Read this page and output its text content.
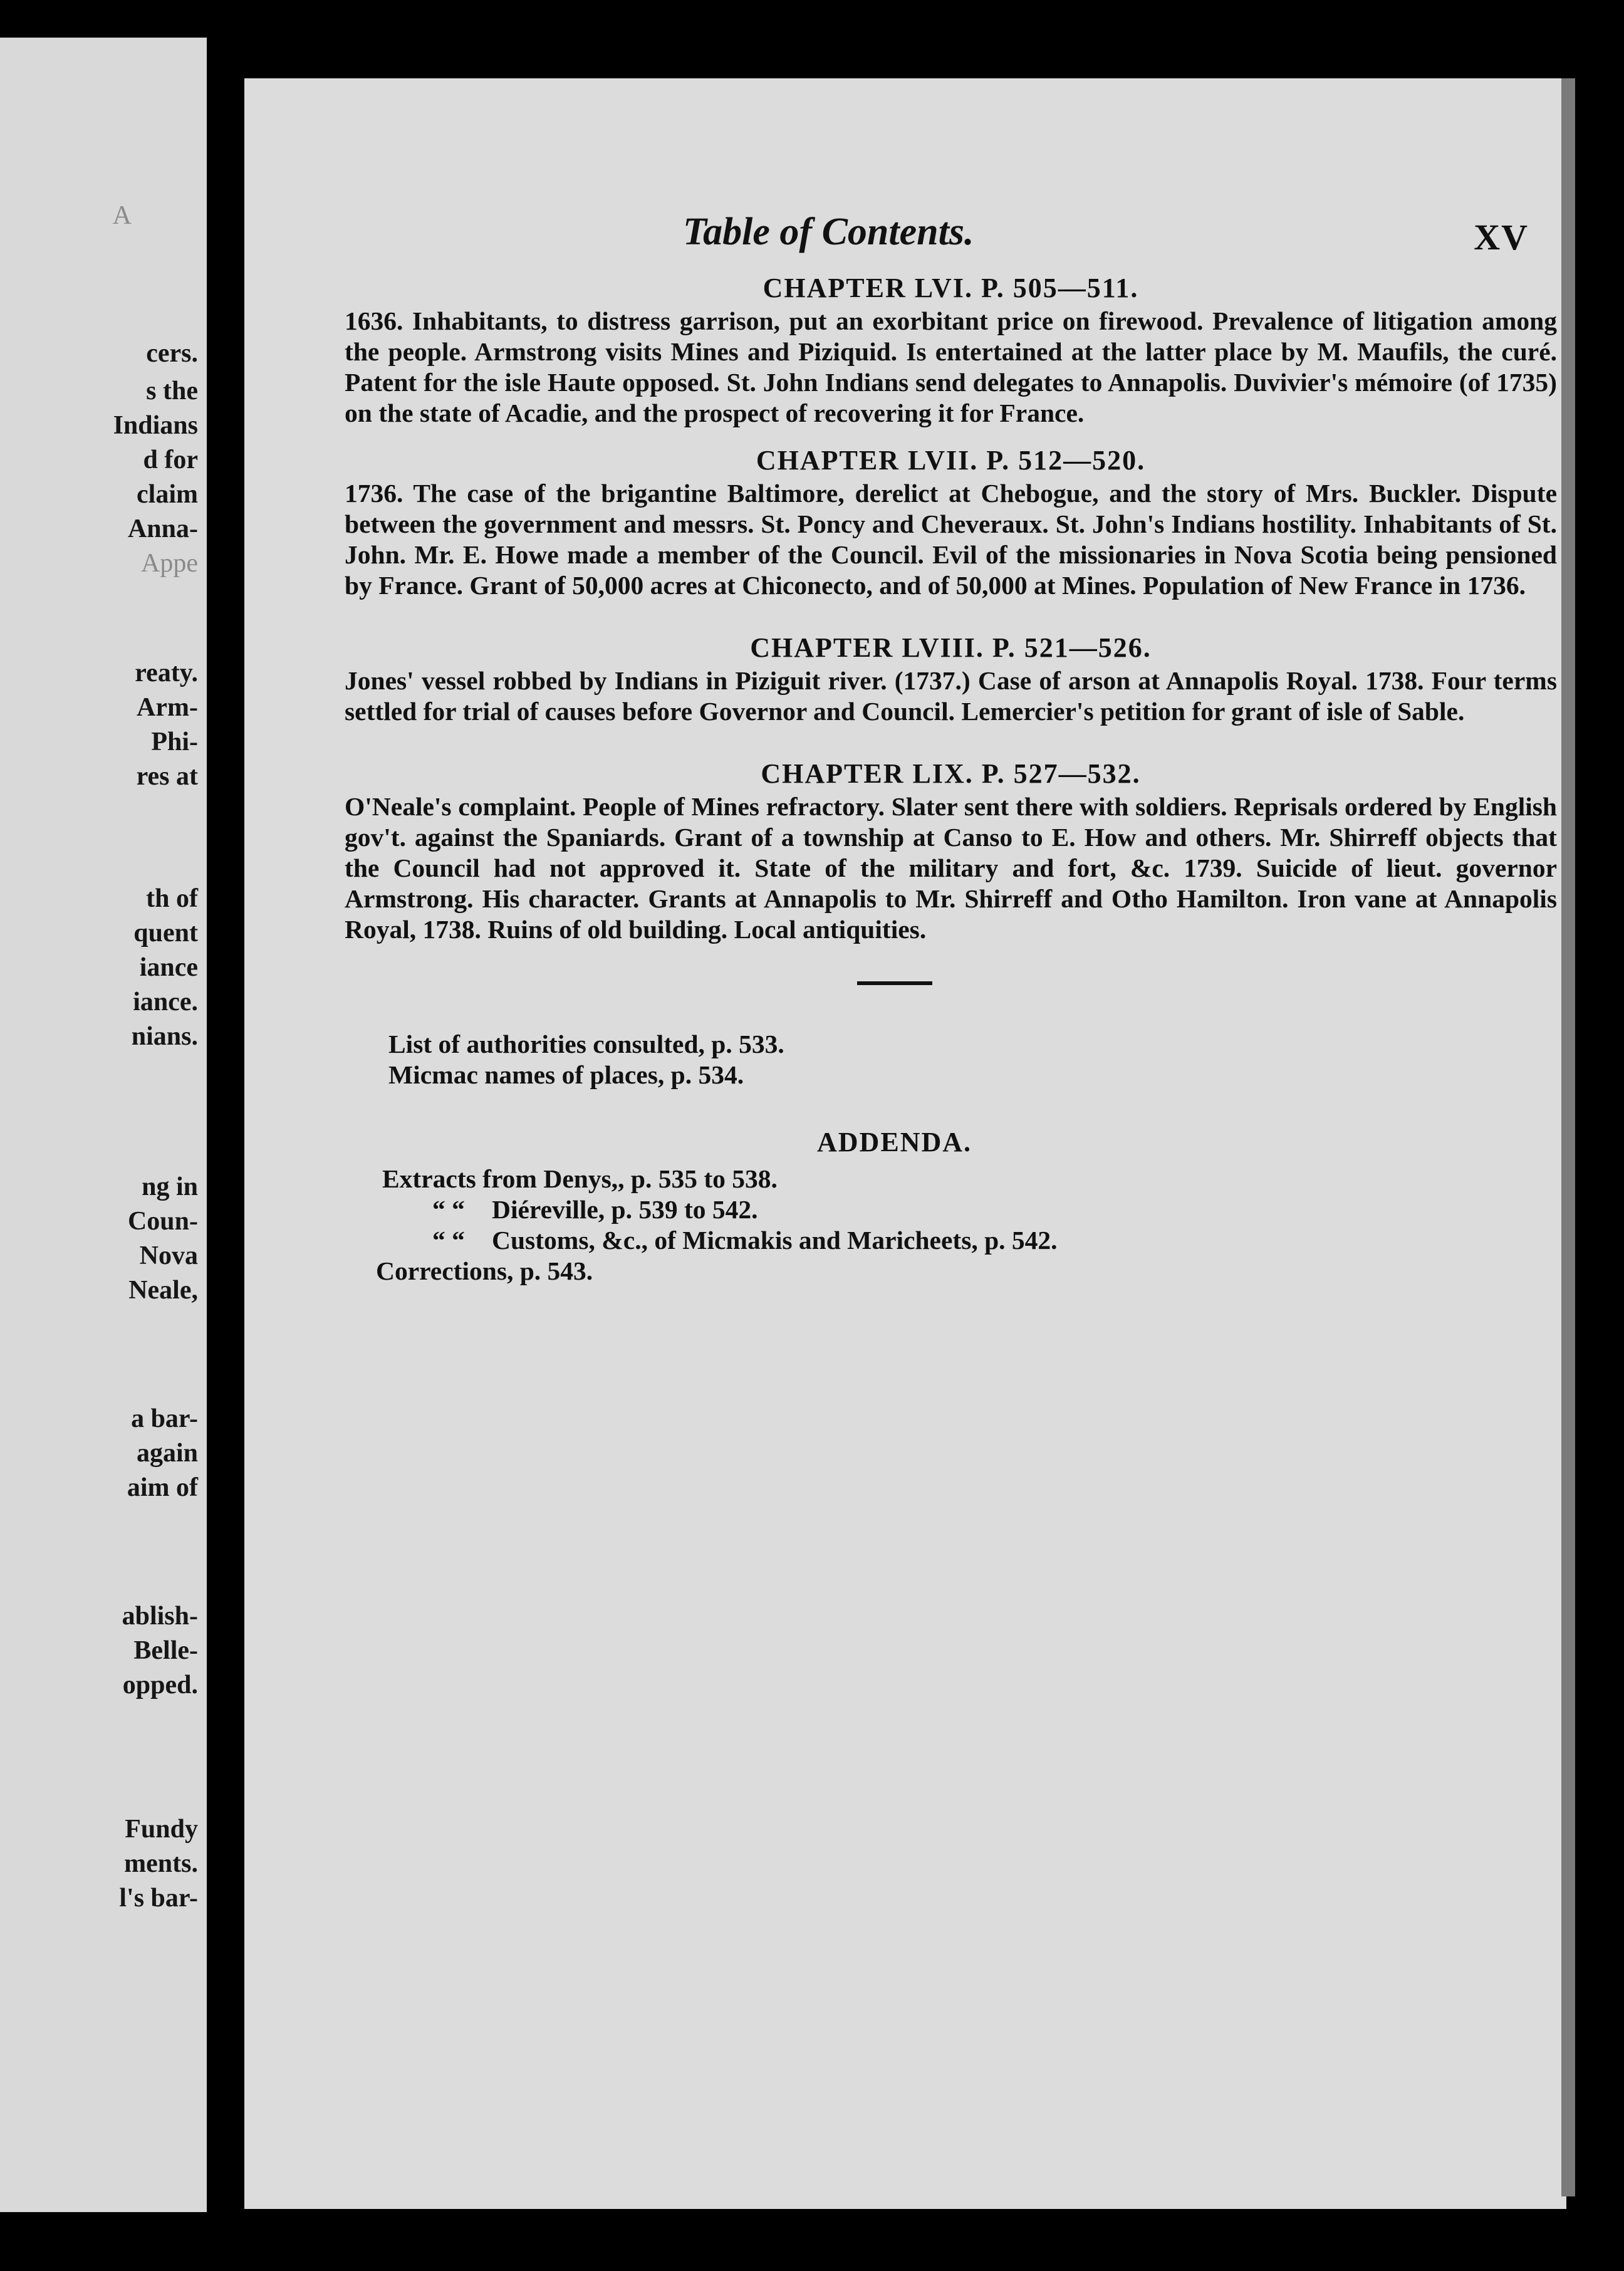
A
cers.
s the
Indians
d for
claim
Anna-
Appe
reaty.
Arm-
Phi-
res at
th of
quent
iance
iance.
nians.
ng in
Coun-
Nova
Neale,
a bar-
again
aim of
ablish-
Belle-
opped.
Fundy
ments.
l's bar-
Table of Contents.	XV
CHAPTER LVI. P. 505—511.

1636. Inhabitants, to distress garrison, put an exorbitant price on firewood. Prevalence of litigation among the people. Armstrong visits Mines and Piziquid. Is entertained at the latter place by M. Maufils, the curé. Patent for the isle Haute opposed. St. John Indians send delegates to Annapolis. Duvivier's mémoire (of 1735) on the state of Acadie, and the prospect of recovering it for France.

CHAPTER LVII. P. 512—520.

1736. The case of the brigantine Baltimore, derelict at Chebogue, and the story of Mrs. Buckler. Dispute between the government and messrs. St. Poncy and Cheveraux. St. John's Indians hostility. Inhabitants of St. John. Mr. E. Howe made a member of the Council. Evil of the missionaries in Nova Scotia being pensioned by France. Grant of 50,000 acres at Chiconecto, and of 50,000 at Mines. Population of New France in 1736.

CHAPTER LVIII. P. 521—526.

Jones' vessel robbed by Indians in Piziguit river. (1737.) Case of arson at Annapolis Royal. 1738. Four terms settled for trial of causes before Governor and Council. Lemercier's petition for grant of isle of Sable.

CHAPTER LIX. P. 527—532.

O'Neale's complaint. People of Mines refractory. Slater sent there with soldiers. Reprisals ordered by English gov't. against the Spaniards. Grant of a township at Canso to E. How and others. Mr. Shirreff objects that the Council had not approved it. State of the military and fort, &c. 1739. Suicide of lieut. governor Armstrong. His character. Grants at Annapolis to Mr. Shirreff and Otho Hamilton. Iron vane at Annapolis Royal, 1738. Ruins of old building. Local antiquities.

List of authorities consulted, p. 533.
Micmac names of places, p. 534.
ADDENDA.
Extracts from Denys,, p. 535 to 538.
“ “ Diéreville, p. 539 to 542.
“ “ Customs, &c., of Micmakis and Maricheets, p. 542.
Corrections, p. 543.
